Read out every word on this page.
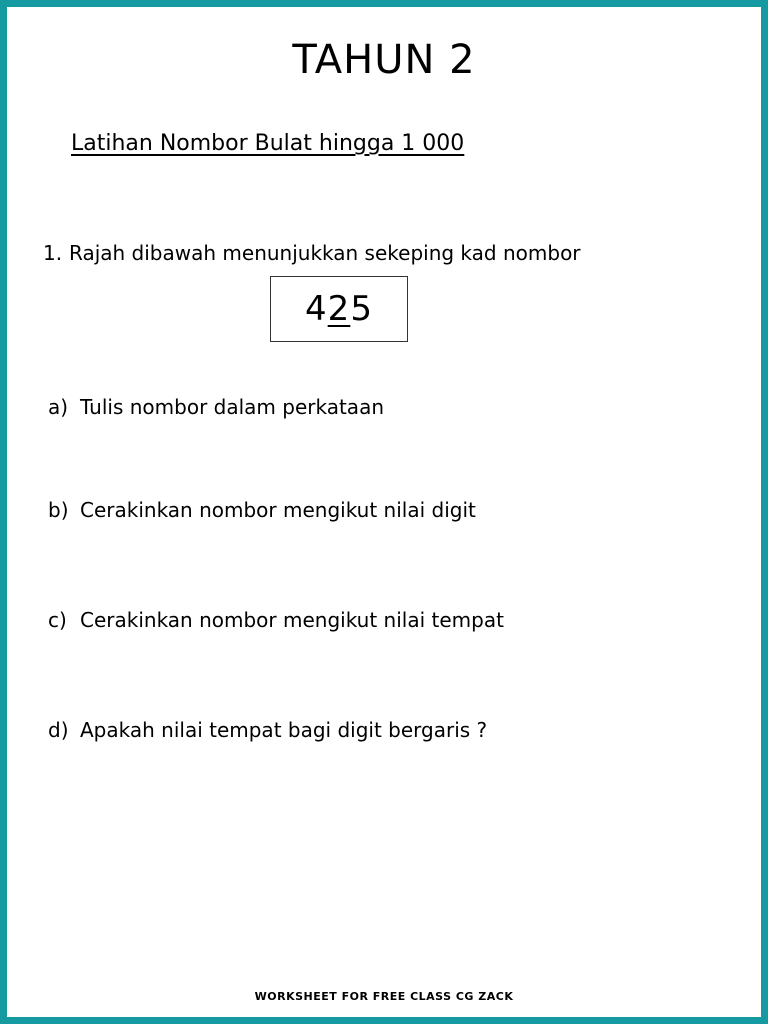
TAHUN 2

Latihan Nombor Bulat hingga 1 000

1. Rajah dibawah menunjukkan sekeping kad nombor

4 2 5

a) Tulis nombor dalam perkataan

b) Cerakinkan nombor mengikut nilai digit

c) Cerakinkan nombor mengikut nilai tempat

d) Apakah nilai tempat bagi digit bergaris ?

WORKSHEET FOR FREE CLASS CG ZACK
